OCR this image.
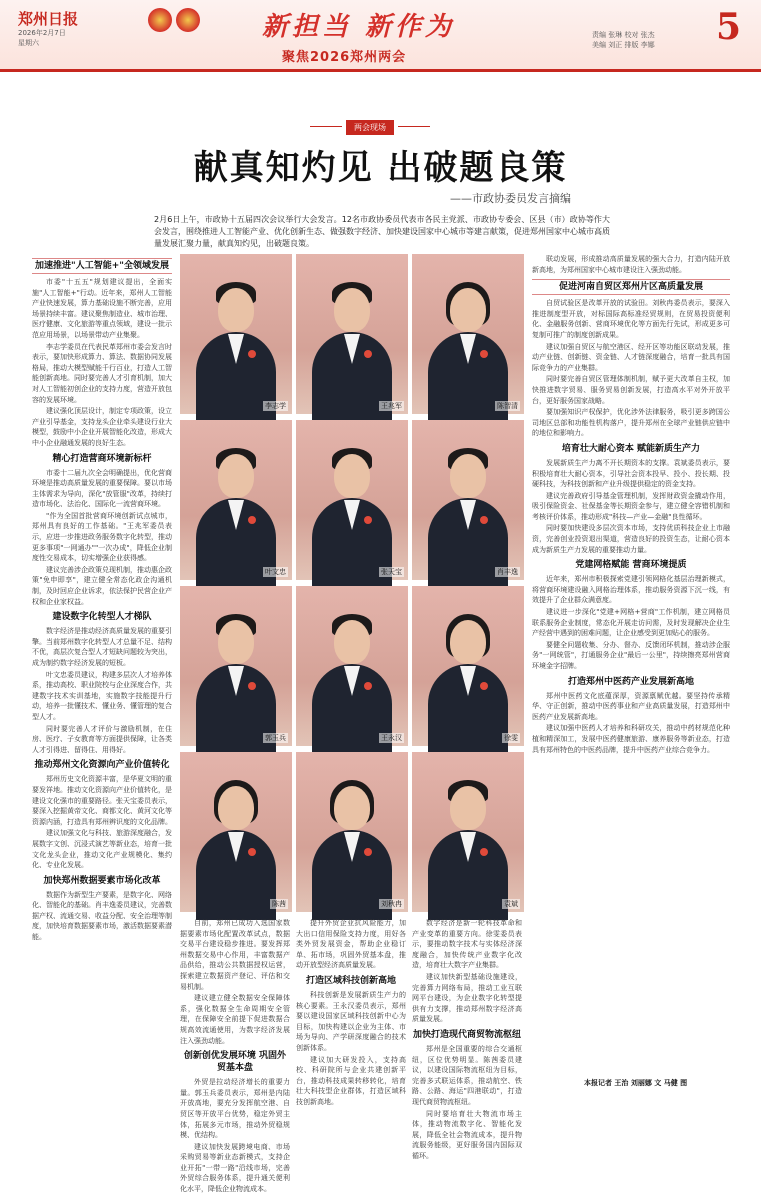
郑州日报
2026年2月7日
星期六
新担当 新作为
聚焦2026郑州两会
责编 张琳 校对 张杰
美编 刘正 排版 李娜 5
两会现场
献真知灼见 出破题良策
——市政协委员发言摘编
2月6日上午，市政协十五届四次会议举行大会发言。12名市政协委员代表市各民主党派、市政协专委会、区县（市）政协等作大会发言，围绕推进人工智能产业、优化创新生态、做强数字经济、加快建设国家中心城市等建言献策，促进郑州国家中心城市高质量发展汇聚力量，献真知灼见，出破题良策。
加速推进"人工智能+"全领域发展

市委"十五五"规划建议提出，全面实施"人工智能+"行动。近年来，郑州人工智能产业快速发展，算力基础设施不断完善，应用场景持续丰富。建议聚焦制造业、城市治理、医疗健康、文化旅游等重点领域，建设一批示范应用场景，以场景带动产业集聚。

李志学委员在代表民革郑州市委会发言时表示，要加快形成算力、算法、数据协同发展格局，推动大模型赋能千行百业，打造人工智能创新高地。同时要完善人才引育机制，加大对人工智能初创企业的支持力度，营造开放包容的发展环境。

建议强化顶层设计，制定专项政策，设立产业引导基金，支持龙头企业牵头建设行业大模型，鼓励中小企业开展智能化改造，形成大中小企业融通发展的良好生态。

精心打造营商环境新标杆

市委十二届九次全会明确提出，优化营商环境是推动高质量发展的重要保障。要以市场主体需求为导向，深化"放管服"改革，持续打造市场化、法治化、国际化一流营商环境。

"作为全国首批营商环境创新试点城市，郑州具有良好的工作基础。"王兆军委员表示，应进一步推进政务服务数字化转型，推动更多事项"一网通办""一次办成"，降低企业制度性交易成本，切实增强企业获得感。

建议完善涉企政策兑现机制，推动惠企政策"免申即享"，建立健全常态化政企沟通机制，及时回应企业诉求，依法保护民营企业产权和企业家权益。

建设数字化转型人才梯队

数字经济是推动经济高质量发展的重要引擎。当前郑州数字化转型人才总量不足、结构不优，高层次复合型人才短缺问题较为突出，成为制约数字经济发展的短板。

叶文忠委员建议，构建多层次人才培养体系，推动高校、职业院校与企业深度合作，共建数字技术实训基地，实施数字技能提升行动，培养一批懂技术、懂业务、懂管理的复合型人才。

同时要完善人才评价与激励机制，在住房、医疗、子女教育等方面提供保障，让各类人才引得进、留得住、用得好。

推动郑州文化资源向产业价值转化

郑州历史文化资源丰富，是华夏文明的重要发祥地。推动文化资源向产业价值转化，是建设文化强市的重要路径。张天宝委员表示，要深入挖掘黄帝文化、商都文化、黄河文化等资源内涵，打造具有郑州辨识度的文化品牌。

建议加强文化与科技、旅游深度融合，发展数字文创、沉浸式演艺等新业态，培育一批文化龙头企业，推动文化产业规模化、集约化、专业化发展。

加快郑州数据要素市场化改革

数据作为新型生产要素，是数字化、网络化、智能化的基础。肖丰逸委员建议，完善数据产权、流通交易、收益分配、安全治理等制度，加快培育数据要素市场，激活数据要素潜能。

李志学	王兆军	陈智清
叶文忠	张天宝	肖丰逸
郭玉兵	王永汉	徐雯
陈茜	刘秋冉	袁斌

目前，郑州已成功入选国家数据要素市场化配置改革试点，数据交易平台建设稳步推进。要发挥郑州数据交易中心作用，丰富数据产品供给，推动公共数据授权运营，探索建立数据资产登记、评估和交易机制。

建议建立健全数据安全保障体系，强化数据全生命周期安全管理，在保障安全前提下促进数据合规高效流通使用，为数字经济发展注入强劲动能。

创新创优发展环境 巩固外贸基本盘

外贸是拉动经济增长的重要力量。郭玉兵委员表示，郑州是内陆开放高地，要充分发挥航空港、自贸区等开放平台优势，稳定外贸主体，拓展多元市场，推动外贸稳规模、优结构。

建议加快发展跨境电商、市场采购贸易等新业态新模式，支持企业开拓"一带一路"沿线市场，完善外贸综合服务体系，提升通关便利化水平，降低企业物流成本。

提升外贸企业抗风险能力，加大出口信用保险支持力度，用好各类外贸发展资金，帮助企业稳订单、拓市场，巩固外贸基本盘，推动开放型经济高质量发展。

打造区域科技创新高地

科技创新是发展新质生产力的核心要素。王永汉委员表示，郑州要以建设国家区域科技创新中心为目标，加快构建以企业为主体、市场为导向、产学研深度融合的技术创新体系。

建议加大研发投入，支持高校、科研院所与企业共建创新平台，推动科技成果转移转化，培育壮大科技型企业群体，打造区域科技创新高地。

数字经济是新一轮科技革命和产业变革的重要方向。徐雯委员表示，要推动数字技术与实体经济深度融合，加快传统产业数字化改造，培育壮大数字产业集群。

建议加快新型基础设施建设，完善算力网络布局，推动工业互联网平台建设，为企业数字化转型提供有力支撑，推动郑州数字经济高质量发展。

加快打造现代商贸物流枢纽

郑州是全国重要的综合交通枢纽，区位优势明显。陈茜委员建议，以建设国际物流枢纽为目标，完善多式联运体系，推动航空、铁路、公路、海运"四港联动"，打造现代商贸物流枢纽。

同时要培育壮大物流市场主体，推动物流数字化、智能化发展，降低全社会物流成本，提升物流服务能级，更好服务国内国际双循环。

联动发展，形成推动高质量发展的强大合力，打造内陆开放新高地，为郑州国家中心城市建设注入强劲动能。

促进河南自贸区郑州片区高质量发展

自贸试验区是改革开放的试验田。刘秋冉委员表示，要深入推进制度型开放，对标国际高标准经贸规则，在贸易投资便利化、金融服务创新、营商环境优化等方面先行先试，形成更多可复制可推广的制度创新成果。

建议加强自贸区与航空港区、经开区等功能区联动发展，推动产业链、创新链、资金链、人才链深度融合，培育一批具有国际竞争力的产业集群。

同时要完善自贸区管理体制机制，赋予更大改革自主权，加快推进数字贸易、服务贸易创新发展，打造高水平对外开放平台，更好服务国家战略。

要加强知识产权保护，优化涉外法律服务，吸引更多跨国公司地区总部和功能性机构落户，提升郑州在全球产业链供应链中的地位和影响力。

培育壮大耐心资本 赋能新质生产力

发展新质生产力离不开长期资本的支撑。袁斌委员表示，要积极培育壮大耐心资本，引导社会资本投早、投小、投长期、投硬科技，为科技创新和产业升级提供稳定的资金支持。

建议完善政府引导基金管理机制，发挥财政资金撬动作用，吸引保险资金、社保基金等长期资金参与，建立健全容错机制和考核评价体系，推动形成"科技—产业—金融"良性循环。

同时要加快建设多层次资本市场，支持优质科技企业上市融资，完善创业投资退出渠道，营造良好的投资生态，让耐心资本成为新质生产力发展的重要推动力量。

党建网格赋能 营商环境提质

近年来，郑州市积极探索党建引领网格化基层治理新模式，将营商环境建设融入网格治理体系，推动服务资源下沉一线，有效提升了企业群众满意度。

建议进一步深化"党建+网格+营商"工作机制，建立网格员联系服务企业制度，常态化开展走访问需，及时发现解决企业生产经营中遇到的困难问题，让企业感受到更加贴心的服务。

要健全问题收集、分办、督办、反馈闭环机制，推动涉企服务"一网统管"，打通服务企业"最后一公里"，持续擦亮郑州营商环境金字招牌。

打造郑州中医药产业发展新高地

郑州中医药文化底蕴深厚，资源禀赋优越。要坚持传承精华、守正创新，推动中医药事业和产业高质量发展，打造郑州中医药产业发展新高地。

建议加强中医药人才培养和科研攻关，推动中药材规范化种植和精深加工，发展中医药健康旅游、康养服务等新业态，打造具有郑州特色的中医药品牌，提升中医药产业综合竞争力。

本报记者 王治 刘丽娜 文 马健 图
